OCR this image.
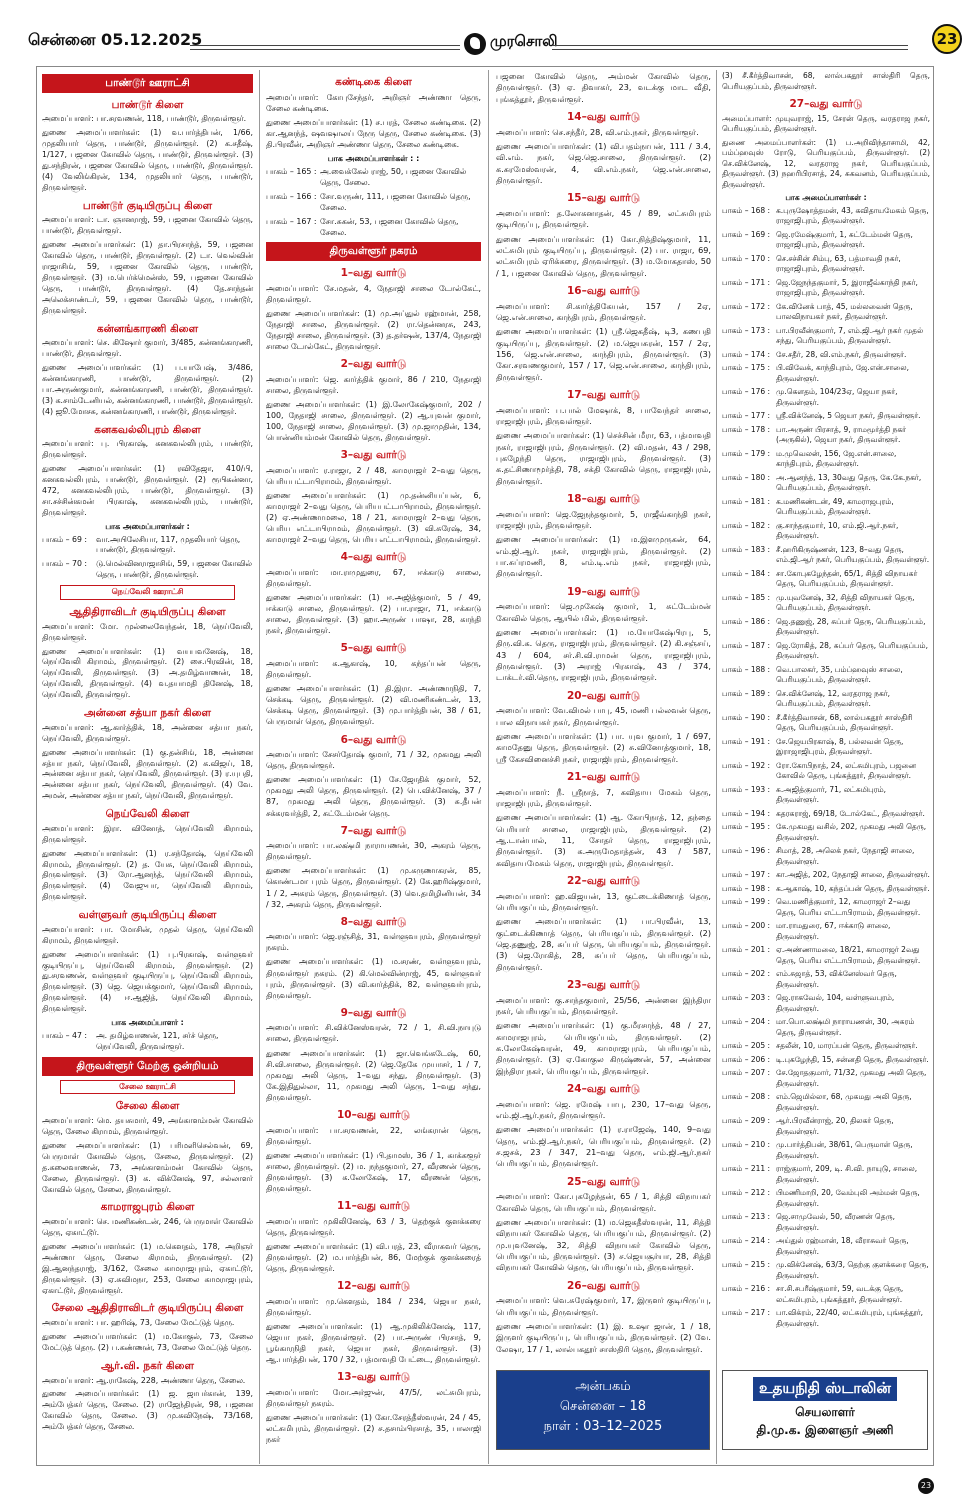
சென்னை 05.12.2025	முரசொலி	23
பாண்டூர் ஊராட்சி
பாண்டூர் கிளை
அமைப்பாளர்: பா.சரவணன், 118, பாண்டூர், திருவள்ளூர்.
துணை அமைப்பாளர்கள்: (1) வ.பார்த்திபன், 1/66, முதலியார் தெரு, பாண்டூர், திருவள்ளூர். (2) க.சதீஷ், 1/127, பஜனை கோவில் தெரு, பாண்டூர், திருவள்ளூர். (3) து.சந்திரன், பஜனை கோவில் தெரு, பாண்டூர், திருவள்ளூர். (4) வேலிங்கிரன், 134, முதலியார் தெரு, பாண்டூர், திருவள்ளூர்.
பாண்டூர் குடியிருப்பு கிளை
அமைப்பாளர்: டா. ஞானராஜ், 59, பஜனை கோவில் தெரு, பாண்டூர், திருவள்ளூர்.
துணை அமைப்பாளர்கள்: (1) தா.பிரசாந்த், 59, பஜனை கோவில் தெரு, பாண்டூர், திருவள்ளூர். (2) டா. வெல்வின் ராஜாசிங், 59, பஜனை கோவில் தெரு, பாண்டூர், திருவள்ளூர். (3) ம.பெர்க்மென்ஸ், 59, பஜனை கோவில் தெரு, பாண்டூர், திருவள்ளூர். (4) தே.சாந்தன் அலெக்சாண்டர், 59, பஜனை கோவில் தெரு, பாண்டூர், திருவள்ளூர்.
கன்னங்காரணி கிளை
அமைப்பாளர்: செ. கிஷோர் குமார், 3/485, கன்னங்காரணி, பாண்டூர், திருவள்ளூர்.
துணை அமைப்பாளர்கள்: (1) ப.யாபேஷ், 3/486, கன்னங்காரணி, பாண்டூர், திருவள்ளூர். (2) பா.அருண்குமார், கன்னங்காரணி, பாண்டூர், திருவள்ளூர். (3) க.சாம்டேனியல், கன்னங்காரணி, பாண்டூர், திருவள்ளூர். (4) ஜூ.மோசசு, கன்னங்காரணி, பாண்டூர், திருவள்ளூர்.
கனகவல்லிபுரம் கிளை
அமைப்பாளர்: பு. பிரகாஷ், கனகவல்லிபுரம், பாண்டூர், திருவள்ளூர்.
துணை அமைப்பாளர்கள்: (1) ரவிதேஜா, 410/பி, கனகவல்லிபுரம், பாண்டூர், திருவள்ளூர். (2) ரூபிகன்னா, 472, கனகவல்லிபுரம், பாண்டூர், திருவள்ளூர். (3) சா.சச்சின்கமன் பிரகாஷ், கனகவல்லிபுரம், பாண்டூர், திருவள்ளூர்.
பாக அமைப்பாளர்கள் :
பாகம் – 69 :	வா.அயிலேசியா, 117, முதலியார் தெரு, பாண்டூர், திருவள்ளூர்.
பாகம் – 70 :	டு.மெல்வினராஜாசிங், 59, பஜனை கோவில் தெரு, பாண்டூர், திருவள்ளூர்.
நெய்வேலி ஊராட்சி
ஆதிதிராவிடர் குடியிருப்பு கிளை
அமைப்பாளர்: மோ. முல்லைவேந்தன், 18, நெய்வேலி, திருவள்ளூர்.
துணை அமைப்பாளர்கள்: (1) வயபவனேஷ், 18, நெய்வேலி கிராமம், திருவள்ளூர். (2) சை.பிரவின், 18, நெய்வேலி, திருவள்ளூர். (3) அ.தமிழ்வாணன், 18, நெய்வேலி, திருவள்ளூர். (4) வ.தயாமதி தினேஷ், 18, நெய்வேலி, திருவள்ளூர்.
அன்னை சத்யா நகர் கிளை
அமைப்பாளர்: ஆ.கார்த்திக், 18, அன்னை சத்யா நகர், நெய்வேலி, திருவள்ளூர்.
துணை அமைப்பாளர்கள்: (1) கு.தன்சிங், 18, அன்னை சத்யா நகர், நெய்வேலி, திருவள்ளூர். (2) க.விஜய், 18, அன்னை சத்யா நகர், நெய்வேலி, திருவள்ளூர். (3) ர.யுபதி, அன்னை சத்யா நகர், நெய்வேலி, திருவள்ளூர். (4) வே. அமன், அன்னை சத்யா நகர், நெய்வேலி, திருவள்ளூர்.
நெய்வேலி கிளை
அமைப்பாளர்: இரா. வினோத், நெய்வேலி கிராமம், திருவள்ளூர்.
துணை அமைப்பாளர்கள்: (1) ர.சந்தோஷ், நெய்வேலி கிராமம், திருவள்ளூர். (2) த. யேசு, நெய்வேலி கிராமம், திருவள்ளூர். (3) ரோ.ஆனந்த், நெய்வேலி கிராமம், திருவள்ளூர். (4) வேஜுபா, நெய்வேலி கிராமம், திருவள்ளூர்.
வள்ளுவர் குடியிருப்பு கிளை
அமைப்பாளர்: பா. மோசின், முதல் தெரு, நெய்வேலி கிராமம், திருவள்ளூர்.
துணை அமைப்பாளர்கள்: (1) பு.பிரகாஷ், வள்ளுவர் குடியிருப்பு, நெய்வேலி கிராமம், திருவள்ளூர். (2) து.சரவணன், வள்ளுவர் குடியிருப்பு, நெய்வேலி கிராமம், திருவள்ளூர். (3) ஜெ. ஜெயக்குமார், நெய்வேலி கிராமம், திருவள்ளூர். (4) ஈ.ஆஜித், நெய்வேலி கிராமம், திருவள்ளூர்.
பாக அமைப்பாளர் :
பாகம் – 47 :	அ. தமிழ்வாணன், 121, சர்ச் தெரு, நெய்வேலி, திருவள்ளூர்.
திருவள்ளூர் மேற்கு ஒன்றியம்
சேலை ஊராட்சி
சேலை கிளை
அமைப்பாளர்: மெ. தயசுமார், 49, அங்காளம்மன் கோவில் தெரு, சேலை கிராமம், திருவள்ளூர்.
துணை அமைப்பாளர்கள்: (1) பரிமளிசெல்வன், 69, பெருமாள் கோவில் தெரு, சேலை, திருவள்ளூர். (2) த.கலைவாணன், 73, அங்காளம்மன் கோவில் தெரு, சேலை, திருவள்ளூர். (3) க. விக்னேஷ், 97, சல்லாளர் கோவில் தெரு, சேலை, திருவள்ளூர்.
காமராஜபுரம் கிளை
அமைப்பாளர்: செ. மணிகண்டன், 246, பெருமாள் கோவில் தெரு, ஏகாட்டூர்.
துணை அமைப்பாளர்கள்: (1) ம.கௌதம், 178, அறிஞர் அண்ணா தெரு, சேலை கிராமம், திருவள்ளூர். (2) இ.ஆனந்தராஜ், 3/162, சேலை காமராஜபுரம், ஏகாட்டூர், திருவள்ளூர். (3) ஏ.சுவிமநா, 253, சேலை காமராஜபுரம், ஏகாட்டூர், திருவள்ளூர்.
சேலை ஆதிதிராவிடர் குடியிருப்பு கிளை
அமைப்பாளர்: பா. ஹரிஷ், 73, சேலை மேட்டுத் தெரு.
துணை அமைப்பாளர்கள்: (1) ம.கோகுல், 73, சேலை மேட்டுத் தெரு. (2) ப.கண்ணன், 73, சேலை மேட்டுத் தெரு.
ஆர்.வி. நகர் கிளை
அமைப்பாளர்: ஆ.ராகேஷ், 228, அண்ணா தெரு, சேலை.
துணை அமைப்பாளர்கள்: (1) ஜ. ஜாபர்கான், 139, அம்பேத்கர் தெரு, சேலை. (2) ராஜேந்திரன், 98, பஜனை கோவில் தெரு, சேலை. (3) மு.கவிநேஷ், 73/168, அம்பேத்கர் தெரு, சேலை.
கண்டிகை கிளை
அமைப்பாளர்: கோபுசேந்தர், அறிஞர் அண்ணா தெரு, சேலை கண்டிகை.
துணை அமைப்பாளர்கள்: (1) ச.பரத், சேலை கண்டிகை. (2) கா.ஆனந்த், ஷவஷாலய் நேரு தெரு, சேலை கண்டிகை. (3) தி.பிரவீன், அறிஞர் அண்ணா தெரு, சேலை கண்டிகை.
பாக அமைப்பாளர்கள் : :
பாகம் – 165 : அ.வைக்கேல் ராஜ், 50, பஜனை கோவில் தெரு, சேலை.
பாகம் – 166 : சோ.வருண், 111, பஜனை கோவில் தெரு, சேலை.
பாகம் – 167 : சோ.சுகன், 53, பஜனை கோவில் தெரு, சேலை.
திருவள்ளூர் நகரம்
1–வது வார்டு
அமைப்பாளர்: சே.மதன், 4, நேதாஜி சாலை டோல்கேட், திருவள்ளூர்.
துணை அமைப்பாளர்கள்: (1) மு.அப்துல் ரஹ்மான், 258, நேதாஜி சாலை, திருவள்ளூர். (2) ரா.தென்னரசு, 243, நேதாஜி சாலை, திருவள்ளூர். (3) த.தர்ஷன், 137/4, நேதாஜி சாலை டோல்கேட், திருவள்ளூர்.
2–வது வார்டு
அமைப்பாளர்: ஜெ. கார்த்திக் குமார், 86 / 210, நேதாஜி சாலை, திருவள்ளூர்.
துணை அமைப்பாளர்கள்: (1) இ.லோகேஷ்குமார், 202 / 100, நேதாஜி சாலை, திருவள்ளூர். (2) ஆ.யுவன் குமார், 100, நேதாஜி சாலை, திருவள்ளூர். (3) மு.ஜாமுதின், 134, பொன்னியம்மன் கோவில் தெரு, திருவள்ளூர்.
3–வது வார்டு
அமைப்பாளர்: ர.ராஜா, 2 / 48, காமராஜர் 2–வது தெரு, பெரியபட்டாபிராமம், திருவள்ளூர்.
துணை அமைப்பாளர்கள்: (1) மு.தன்னியப்பன், 6, காமராஜர் 2–வது தெரு, பெரியபட்டாபிராமம், திருவள்ளூர். (2) ஏ.அண்ணாமலை, 18 / 21, காமராஜர் 2–வது தெரு, பெரிய எட்டாபிராமம், திருவள்ளூர். (3) வி.சுரேஷ், 34, காமராஜர் 2–வது தெரு, பெரிய எட்டாபிராமம், திருவள்ளூர்.
4–வது வார்டு
அமைப்பாளர்: மா.ராமுதுரை, 67, ஈக்காடு சாலை, திருவள்ளூர்.
துணை அமைப்பாளர்கள்: (1) ஈ.அஜித்குமார், 5 / 49, ஈக்காடு சாலை, திருவள்ளூர். (2) பா.ராஜா, 71, ஈக்காடு சாலை, திருவள்ளூர். (3) ஹா.அருண் பாஷா, 28, காந்தி நகர், திருவள்ளூர்.
5–வது வார்டு
அமைப்பாளர்: க.ஆகாஷ், 10, கந்தப்பன் தெரு, திருவள்ளூர்.
துணை அமைப்பாளர்கள்: (1) தி.இரா. அண்ணாநிதி, 7, செக்கடி தெரு, திருவள்ளூர். (2) வி.மணிகண்டன், 13, செக்கடி தெரு, திருவள்ளூர். (3) மு.பார்த்திபன், 38 / 61, பெருமாள் தெரு, திருவள்ளூர்.
6–வது வார்டு
அமைப்பாளர்: சேசர்தோஷ் குமார், 71 / 32, முகமது அலி தெரு, திருவள்ளூர்.
துணை அமைப்பாளர்கள்: (1) சே.ஜோதிக் குமார், 52, முகமது அலி தெரு, திருவள்ளூர். (2) பெ.விக்னேஷ், 37 / 87, முகமது அலி தெரு, திருவள்ளூர். (3) சு.தீபன் சக்கரவர்த்தி, 2, சுட்டேம்மன் தெரு.
7–வது வார்டு
அமைப்பாளர்: பா.லக்ஷ்மி நாராயணன், 30, அகரம் தெரு, திருவள்ளூர்.
துணை அமைப்பாளர்கள்: (1) மு.கருணாகரன், 85, கொண்டமா புரம் தெரு, திருவள்ளூர். (2) கே.ஹரிஷ்குமார், 1 / 2, அகரம் தெரு, திருவள்ளூர். (3) வெ.தமிழினியன், 34 / 32, அகரம் தெரு, திருவள்ளூர்.
8–வது வார்டு
அமைப்பாளர்: ஜெ.ரஞ்சித், 31, வள்ளுவபுரம், திருவள்ளூர் நகரம்.
துணை அமைப்பாளர்கள்: (1) ம.சரண், வள்ளுவபுரம், திருவள்ளூர் நகரம். (2) கி.மெல்வின்ராஜ், 45, வள்ளுவர் புரம், திருவள்ளூர். (3) வி.கார்த்திக், 82, வள்ளுவர்புரம், திருவள்ளூர்.
9–வது வார்டு
அமைப்பாளர்: சி.விக்னேஸ்வரன், 72 / 1, சி.வி.நாயுடு சாலை, திருவள்ளூர்.
துணை அமைப்பாளர்கள்: (1) ஜா.வெங்கடேஷ், 60, சி.வி.சாலை, திருவள்ளூர். (2) ஜெ.தேகே முயாசர், 1 / 7, முகமது அலி தெரு, 1–வது சந்து, திருவள்ளூர். (3) கே.இதிதுல்லா, 11, முகமது அலி தெரு, 1–வது சந்து, திருவள்ளூர்.
10–வது வார்டு
அமைப்பாளர்: பா.சரவணன், 22, லங்கரான் தெரு, திருவள்ளூர்.
துணை அமைப்பாளர்கள்: (1) பி.தாமஸ், 36 / 1, காக்களூர் சாலை, திருவள்ளூர். (2) ம. நந்தகுமார், 27, வீரணன் தெரு, திருவள்ளூர். (3) க.லோகேஷ், 17, வீரணன் தெரு, திருவள்ளூர்.
11–வது வார்டு
அமைப்பாளர்: முகிலினேஷ், 63 / 3, தெற்குக் குளக்கரை தெரு, திருவள்ளூர்.
துணை அமைப்பாளர்கள்: (1) வி.பரத், 23, வீராசுவர் தெரு, திருவள்ளூர். (2) ம.பார்த்திபன், 86, மேற்குக் குளக்கரைத் தெரு, திருவள்ளூர்.
12–வது வார்டு
அமைப்பாளர்: மு.கௌதம், 184 / 234, ஜெயா நகர், திருவள்ளூர்.
துணை அமைப்பாளர்கள்: (1) ஆ.முகிலிக்னேஷ், 117, ஜெயா நகர், திருவள்ளூர். (2) பா.அருண் பிரசாத், 9, பூங்காரநிதி நகர், ஜெயா நகர், திருவள்ளூர். (3) ஆ.பார்த்திபன், 170 / 32, பத்மாவதி பேட்டை, திருவள்ளூர்.
13–வது வார்டு
அமைப்பாளர்: மோ.அர்ஜுன், 47/5/, லட்சுமிபுரம், திருவள்ளூர் நகரம்.
துணை அமைப்பாளர்கள்: (1) கோ.சேரத்தீஸ்வரன், 24 / 45, லட்சுமிபுரம், திருவள்ளூர். (2) ச.தசாம்பிரசாத், 35, பாலாஜி நகர்
பஜனை கோவில் தெரு, அம்மன் கோவில் தெரு, திருவள்ளூர். (3) ஏ. திவாகர், 23, வடக்கு மாட வீதி, புங்கத்தூர், திருவள்ளூர்.
14–வது வார்டு
அமைப்பாளர்: செ.சந்தீர், 28, வி.எம்.நகர், திருவள்ளூர்.
துணை அமைப்பாளர்கள்: (1) வி.பதம்நாபன், 111 / 3.4, வி.எம். நகர், ஜெ.ஜெ.சாலை, திருவள்ளூர். (2) க.சுரமேஸ்வரன், 4, வி.எம்.நகர், ஜெ.என்.சாலை, திருவள்ளூர்.
15–வது வார்டு
அமைப்பாளர்: த.லோகனாதன், 45 / 89, லட்சுமிபுரம் குடியிருப்பு, திருவள்ளூர்.
துணை அமைப்பாளர்கள்: (1) கோ.நித்திஷ்குமார், 11, லட்சுமிபுரம் குடியிருப்பு, திருவள்ளூர். (2) பா. ராஜா, 69, லட்சுமிபுரம் ஏரிக்கரை, திருவள்ளூர். (3) ம.மோகதாஸ், 50 / 1, பஜனை கோவில் தெரு, திருவள்ளூர்.
16–வது வார்டு
அமைப்பாளர்: சி.கார்த்திகேயன், 157 / 2ஏ, ஜெ.என்.சாலை, காந்திபுரம், திருவள்ளூர்.
துணை அமைப்பாளர்கள்: (1) ஸ்ரீ.ஜெகதீஷ், டி3, கணபதி குடியிருப்பு, திருவள்ளூர். (2) ம.ஜெயசுரன், 157 / 2ஏ, 156, ஜெ.என்.சாலை, காந்திபுரம், திருவள்ளூர். (3) கோ.சரவணகுமார், 157 / 17, ஜெ.என்.சாலை, காந்திபுரம், திருவள்ளூர்.
17–வது வார்டு
அமைப்பாளர்: ப.பால் மேஷாக், 8, பாவேந்தர் சாலை, ராஜாஜிபுரம், திருவள்ளூர்.
துணை அமைப்பாளர்கள்: (1) செச்சின் மீரா, 63, பத்மாவதி நகர், ராஜாஜிபுரம், திருவள்ளூர். (2) வி.மதன், 43 / 298, புகழேந்தி தெரு, ராஜாஜிபுரம், திருவள்ளூர். (3) க.தட்சிணாமூர்த்தி, 78, சக்தி கோவில் தெரு, ராஜாஜிபுரம், திருவள்ளூர்.
18–வது வார்டு
அமைப்பாளர்: ஜெ.ஜேநந்தகுமார், 5, ராஜீவ்காந்தி நகர், ராஜாஜிபுரம், திருவள்ளூர்.
துணை அமைப்பாளர்கள்: (1) ம.இளமுருகன், 64, எம்.ஜி.ஆர். நகர், ராஜாஜிபுரம், திருவள்ளூர். (2) பா.சுப்ரமணி, 8, எம்.டி.எம் நகர், ராஜாஜிபுரம், திருவள்ளூர்.
19–வது வார்டு
அமைப்பாளர்: ஜெ.முகேஷ் குமார், 1, சுட்டேம்மன் கோவில் தெரு, ஆயில் மில், திருவள்ளூர்.
துணை அமைப்பாளர்கள்: (1) ம.யோகேஷ்பிரபு, 5, திரு.வி.க. தெரு, ராஜாஜிபுரம், திருவள்ளூர். (2) கி.சஞ்சய், 43 / 604, சர்.சி.வி.ராமன் தெரு, ராஜாஜிபுரம், திருவள்ளூர். (3) அராஜ் பிரகாஷ், 43 / 374, டாக்டர்.வி.தெரு, ராஜாஜிபுரம், திருவள்ளூர்.
20–வது வார்டு
அமைப்பாளர்: வே.விமல் பாபு, 45, மணி பல்லவன் தெரு, பால விநாயகர் நகர், திருவள்ளூர்.
துணை அமைப்பாளர்கள்: (1) பா. யுவ குமார், 1 / 697, காமதேனு தெரு, திருவள்ளூர். (2) சு.வினோத்குமார், 18, ஸ்ரீ கேசவினைச்சி நகர், ராஜாஜிபுரம், திருவள்ளூர்.
21–வது வார்டு
அமைப்பாளர்: நீ. ஸ்ரீநாத், 7, கவிதாய மேகம் தெரு, ராஜாஜிபுரம், திருவள்ளூர்.
துணை அமைப்பாளர்கள்: (1) ஆ. கோபிநாத், 12, தந்தை பெரியார் சாலை, ராஜாஜிபுரம், திருவள்ளூர். (2) ஆ.டான்பால், 11, சோதர் தெரு, ராஜாஜிபுரம், திருவள்ளூர். (3) க.அருமேதாத்தன், 43 / 587, கவிதாயமேகம் தெரு, ராஜாஜிபுரம், திருவள்ளூர்.
22–வது வார்டு
அமைப்பாளர்: ஹ.விஜயன், 13, குட்டைக்கிணாத் தெரு, பெரியகுப்பம், திருவள்ளூர்.
துணை அமைப்பாளர்கள்: (1) பா.பிரவீன், 13, குட்டைக்கிணாத் தெரு, பெரியகுப்பம், திருவள்ளூர். (2) ஜெ.தணுஜ், 28, சுப்பர் தெரு, பெரியகுப்பம், திருவள்ளூர். (3) ஜெ.ரோகித், 28, சுப்பர் தெரு, பெரியகுப்பம், திருவள்ளூர்.
23–வது வார்டு
அமைப்பாளர்: கு.சாந்தகுமார், 25/56, அன்னை இந்திரா நகர், பெரியகுப்பம், திருவள்ளூர்.
துணை அமைப்பாளர்கள்: (1) கு.மீரசாந்த், 48 / 27, காமராஜபுரம், பெரியகுப்பம், திருவள்ளூர். (2) க.லோகேஷ்வரன், 49, காமராஜபுரம், பெரியகுப்பம், திருவள்ளூர். (3) ஏ.கோகுல கிருஷ்ணன், 57, அன்னை இந்திரா நகர், பெரியகுப்பம், திருவள்ளூர்.
24–வது வார்டு
அமைப்பாளர்: ஜெ. ரமேஷ் பாபு, 230, 17–வது தெரு, எம்.ஜி.ஆர்.நகர், திருவள்ளூர்.
துணை அமைப்பாளர்கள்: (1) ர.ராஜேஷ், 140, 9–வது தெரு, எம்.ஜி.ஆர்.நகர், பெரியகுப்பம், திருவள்ளூர். (2) ச.ஜசக், 23 / 347, 21–வது தெரு, எம்.ஜி.ஆர்.நகர் பெரியகுப்பம், திருவள்ளூர்.
25–வது வார்டு
அமைப்பாளர்: கோ.புகழேந்தன், 65 / 1, சித்தி விநாயகர் கோவில் தெரு, பெரியகுப்பம், திருவள்ளூர்.
துணை அமைப்பாளர்கள்: (1) ம.ஜெகதீஸ்வரன், 11, சித்தி விநாயகர் கோவில் தெரு, பெரியகுப்பம், திருவள்ளூர். (2) மு.யுவனேஷ், 32, சித்தி விநாயகர் கோவில் தெரு, பெரியகுப்பம், திருவள்ளூர். (3) ச.ஜெயசூர்யா, 28, சித்தி விநாயகர் கோவில் தெரு, பெரியகுப்பம், திருவள்ளூர்.
26–வது வார்டு
அமைப்பாளர்: வெ.சுரேஷ்குமார், 17, இருளர் குடியிருப்பு, பெரியகுப்பம், திருவள்ளூர்.
துணை அமைப்பாளர்கள்: (1) இ. உஷா ஜான், 1 / 18, இருளர் குடியிருப்பு, பெரியகுப்பம், திருவள்ளூர். (2) வே. லேஷா, 17 / 1, லால்பகதூர் சாஸ்திரி தெரு, திருவள்ளூர்.
(3) சீ.கீர்த்திவாசன், 68, லால்பகதூர் சாஸ்திரி தெரு, பெரியகுப்பம், திருவள்ளூர்.
27–வது வார்டு
அமைப்பாளர்: முயுவராஜ், 15, சேரன் தெரு, வரதராஜ நகர், பெரியகுப்பம், திருவள்ளூர்.
துணை அமைப்பாளர்கள்: (1) ப.அறிவிந்தாசாமி, 42, பம்ப்ஹவுஸ் ரோடு, பெரியகுப்பம், திருவள்ளூர். (2) செ.விக்னேஷ், 12, வரதராஜ நகர், பெரியகுப்பம், திருவள்ளூர். (3) நஹரிபிரசாத், 24, சுகவனம், பெரியகுப்பம், திருவள்ளூர்.
பாக அமைப்பாளர்கள் :
பாகம் – 168 : க.புருஷோத்தமன், 43, கவிதாயமேகம் தெரு, ராஜாஜிபுரம், திருவள்ளூர்.
பாகம் – 169 : ஜெ.ரமேஷ்குமார், 1, சுட்டேம்மன் தெரு, ராஜாஜிபுரம், திருவள்ளூர்.
பாகம் – 170 : செ.சச்சின் சிம்பு, 63, பத்மாவதி நகர், ராஜாஜிபுரம், திருவள்ளூர்.
பாகம் – 171 : ஜெ.ஜேநந்தகுமார், 5, இராஜீவ்காந்தி நகர், ராஜாஜிபுரம், திருவள்ளூர்.
பாகம் – 172 : கே.வினேக் பாத், 45, மல்லவைன் தெரு, பாலவிநாயகர் நகர், திருவள்ளூர்.
பாகம் – 173 : பா.பிரவீன்குமார், 7, எம்.ஜி.ஆர் நகர் முதல் சந்து, பெரியகுப்பம், திருவள்ளூர்.
பாகம் – 174 : சே.சதீர், 28, வி.எம்.நகர், திருவள்ளூர்.
பாகம் – 175 : பி.விவேக், காந்திபுரம், ஜே.என்.சாலை, திருவள்ளூர்.
பாகம் – 176 : மு.கௌதம், 104/23ஏ, ஜெயா நகர், திருவள்ளூர்.
பாகம் – 177 : ஸ்ரீ.விக்னேஷ், 5 ஜெயா நகர், திருவள்ளூர்.
பாகம் – 178 : பா.அருண் பிரசாத், 9, ராமமூர்த்தி நகர் (அருகில்), ஜெயா நகர், திருவள்ளூர்.
பாகம் – 179 : ம.முவெலன், 156, ஜே.என்.சாலை, காந்திபுரம், திருவள்ளூர்.
பாகம் – 180 : அ.ஆனந்த், 13, 30வது தெரு, கே.கே.நகர், பெரியகுப்பம், திருவள்ளூர்.
பாகம் – 181 : க.மணிகண்டன், 49, காமராஜபுரம், பெரியகுப்பம், திருவள்ளூர்.
பாகம் – 182 : கு.சாந்தகுமார், 10, எம்.ஜி.ஆர்.நகர், திருவள்ளூர்.
பாகம் – 183 : சீ.ஹரிகிருஷ்ணன், 123, 8–வது தெரு, எம்.ஜி.ஆர் நகர், பெரியகுப்பம், திருவள்ளூர்.
பாகம் – 184 : சா.கோபுகழேந்தன், 65/1, சித்தி விநாயகர் தெரு, பெரியகுப்பம், திருவள்ளூர்.
பாகம் – 185 : மு.யுவனேஷ், 32, சித்தி விநாயகர் தெரு, பெரியகுப்பம், திருவள்ளூர்.
பாகம் – 186 : ஜெ.தணுஜ், 28, சுப்பர் தெரு, பெரியகுப்பம், திருவள்ளூர்.
பாகம் – 187 : ஜெ.ரோகித், 28, சுப்பர் தெரு, பெரியகுப்பம், திருவள்ளூர்.
பாகம் – 188 : வெ.பாலகர், 35, பம்ப்ஹவுஸ் சாலை, பெரியகுப்பம், திருவள்ளூர்.
பாகம் – 189 : செ.விக்னேஷ், 12, வரதராஜ நகர், பெரியகுப்பம், திருவள்ளூர்.
பாகம் – 190 : சீ.கீர்த்திவாசன், 68, லால்பகதூர் சாஸ்திரி தெரு, பெரியகுப்பம், திருவள்ளூர்.
பாகம் – 191 : சே.ஜெயபிரகாஷ், 8, பல்லவன் தெரு, இராஜாஜிபுரம், திருவள்ளூர்.
பாகம் – 192 : ரோ.கோபிநாத், 24, லட்சுமிபுரம், பஜனை கோவில் தெரு, புங்கத்தூர், திருவள்ளூர்.
பாகம் – 193 : சு.அஜித்குமார், 71, லட்சுமிபுரம், திருவள்ளூர்.
பாகம் – 194 : கதரகராஜ், 69/18, டோல்கேட், திருவள்ளூர்.
பாகம் – 195 : கே.முகமது வசில், 202, முகமது அலி தெரு, திருவள்ளூர்.
பாகம் – 196 : சிமாத், 28, அலெக் நகர், நேதாஜி சாலை, திருவள்ளூர்.
பாகம் – 197 : கா.அஜித், 202, நேதாஜி சாலை, திருவள்ளூர்.
பாகம் – 198 : க.ஆகாஷ், 10, கந்தப்பன் தெரு, திருவள்ளூர்.
பாகம் – 199 : வெ.மணித்குமார், 12, காமராஜர் 2–வது தெரு, பெரிய எட்டாபிராமம், திருவள்ளூர்.
பாகம் – 200 : மா.ராமதுரை, 67, ஈக்காடு சாலை, திருவள்ளூர்.
பாகம் – 201 : ஏ.அண்ணாமலை, 18/21, காமராஜர் 2வது தெரு, பெரிய எட்டாபிராமம், திருவள்ளூர்.
பாகம் – 202 : எம்.சுஜாத், 53, விக்னேஸ்வர் தெரு, திருவள்ளூர்.
பாகம் – 203 : ஜெ.ராகவேல், 104, வள்ளுவபுரம், திருவள்ளூர்.
பாகம் – 204 : மா.பொ.லக்ஷ்மி நாராயணன், 30, அகரம் தெரு, திருவள்ளூர்.
பாகம் – 205 : சதலீன், 10, மாரப்பன் தெரு, திருவள்ளூர்.
பாகம் – 206 : டி.புகழேந்தி, 15, சன்னதி தெரு, திருவள்ளூர்.
பாகம் – 207 : சே.ஜோதகுமார், 71/32, முகமது அலி தெரு, திருவள்ளூர்.
பாகம் – 208 : எம்.ஜெமில்லா, 68, முகமது அலி தெரு, திருவள்ளூர்.
பாகம் – 209 : ஆர்.பிரவீன்ராஜ், 20, திலகர் தெரு, திருவள்ளூர்.
பாகம் – 210 : மு.பார்த்திபன், 38/61, பெருமாள் தெரு, திருவள்ளூர்.
பாகம் – 211 : ராஜ்குமார், 209, டி. சி.வி. நாயுடு, சாலை, திருவள்ளூர்.
பாகம் – 212 : பிமணிமாறி, 20, வேம்புலி அம்மன் தெரு, திருவள்ளூர்.
பாகம் – 213 : ஜெ.சாமுவேல், 50, வீரணன் தெரு, திருவள்ளூர்.
பாகம் – 214 : அய்துல் ரஹ்மான், 18, வீராசுவர் தெரு, திருவள்ளூர்.
பாகம் – 215 : மு.விக்னேஷ், 63/3, தெற்கு குளக்கரை தெரு, திருவள்ளூர்.
பாகம் – 216 : சா.சி.சபரீஷ்குமார், 59, வடக்கு தெரு, லட்சுமிபுரம், புங்கத்தூர், திருவள்ளூர்.
பாகம் – 217 : பா.விக்ரம், 22/40, லட்சுமிபுரம், புங்கத்தூர், திருவள்ளூர்.
அன்பகம்
சென்னை – 18
நாள் : 03–12–2025
உதயநிதி ஸ்டாலின்
செயலாளர்
தி.மு.க. இளைஞர் அணி
23
